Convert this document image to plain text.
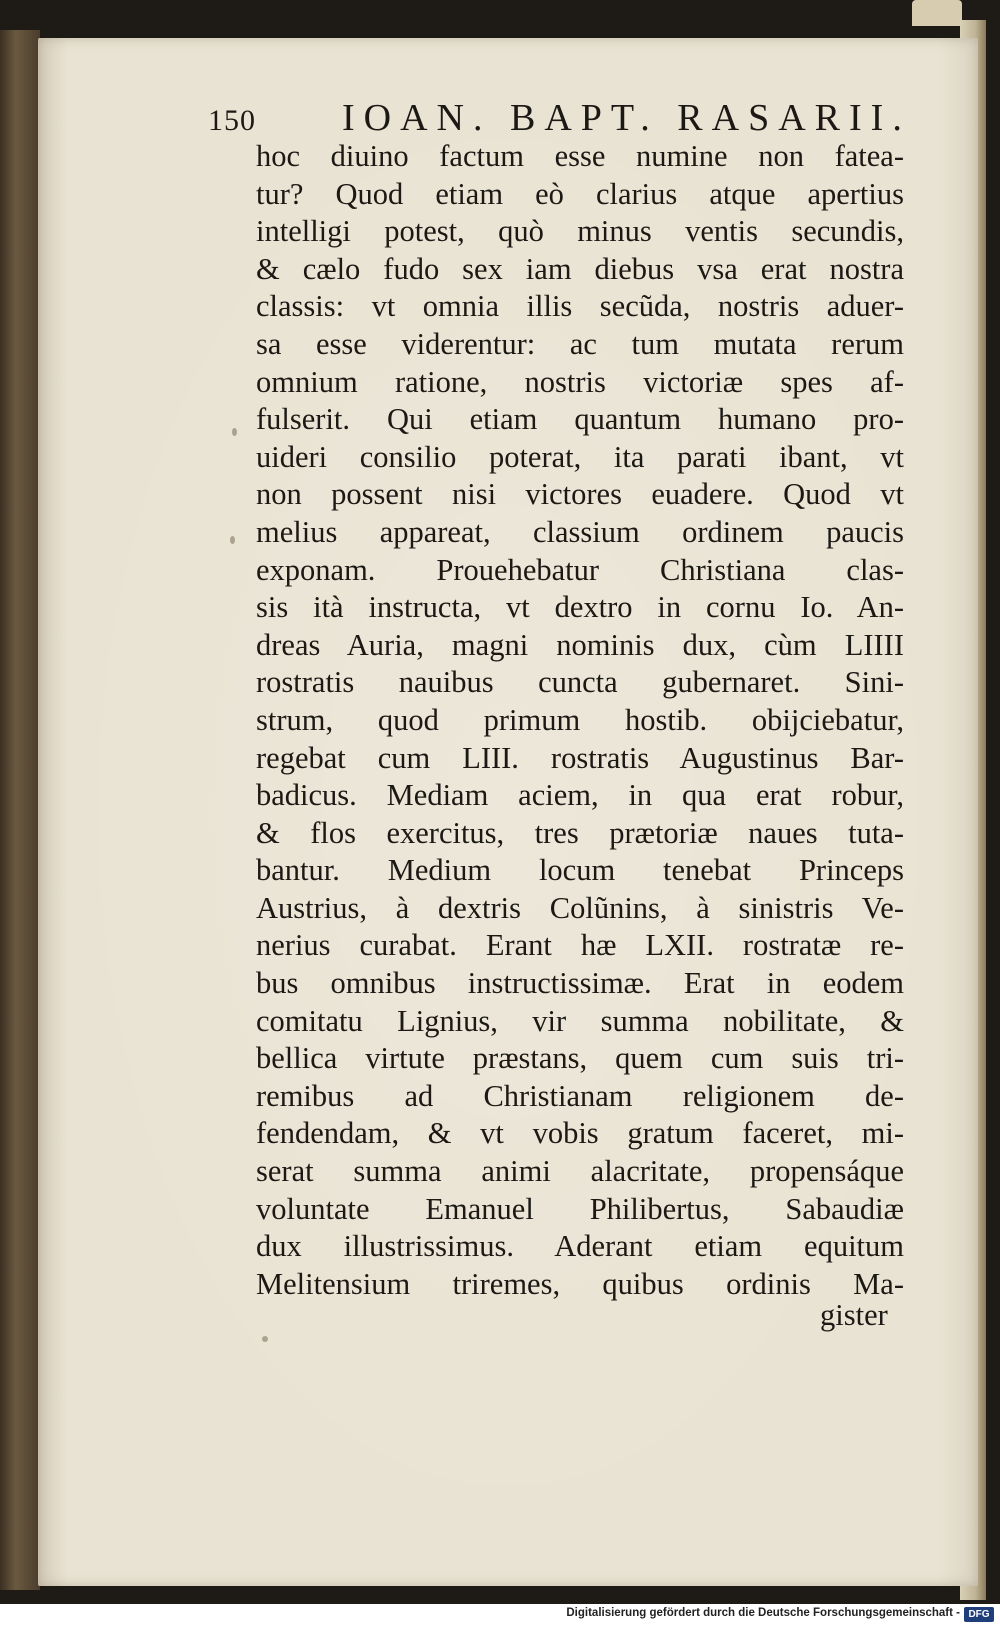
150 IOAN. BAPT. RASARII.
hoc diuino factum esse numine non fatea-
tur? Quod etiam eò clarius atque apertius
intelligi potest, quò minus ventis secundis,
& cælo fudo sex iam diebus vsa erat nostra
classis: vt omnia illis secũda, nostris aduer-
sa esse viderentur: ac tum mutata rerum
omnium ratione, nostris victoriæ spes af-
fulserit. Qui etiam quantum humano pro-
uideri consilio poterat, ita parati ibant, vt
non possent nisi victores euadere. Quod vt
melius appareat, classium ordinem paucis
exponam. Prouehebatur Christiana clas-
sis ità instructa, vt dextro in cornu Io. An-
dreas Auria, magni nominis dux, cùm LIIII
rostratis nauibus cuncta gubernaret. Sini-
strum, quod primum hostib. obijciebatur,
regebat cum LIII. rostratis Augustinus Bar-
badicus. Mediam aciem, in qua erat robur,
& flos exercitus, tres prætoriæ naues tuta-
bantur. Medium locum tenebat Princeps
Austrius, à dextris Colũnins, à sinistris Ve-
nerius curabat. Erant hæ LXII. rostratæ re-
bus omnibus instructissimæ. Erat in eodem
comitatu Lignius, vir summa nobilitate, &
bellica virtute præstans, quem cum suis tri-
remibus ad Christianam religionem de-
fendendam, & vt vobis gratum faceret, mi-
serat summa animi alacritate, propensáque
voluntate Emanuel Philibertus, Sabaudiæ
dux illustrissimus. Aderant etiam equitum
Melitensium triremes, quibus ordinis Ma-
gister
Digitalisierung gefördert durch die Deutsche Forschungsgemeinschaft - DFG
